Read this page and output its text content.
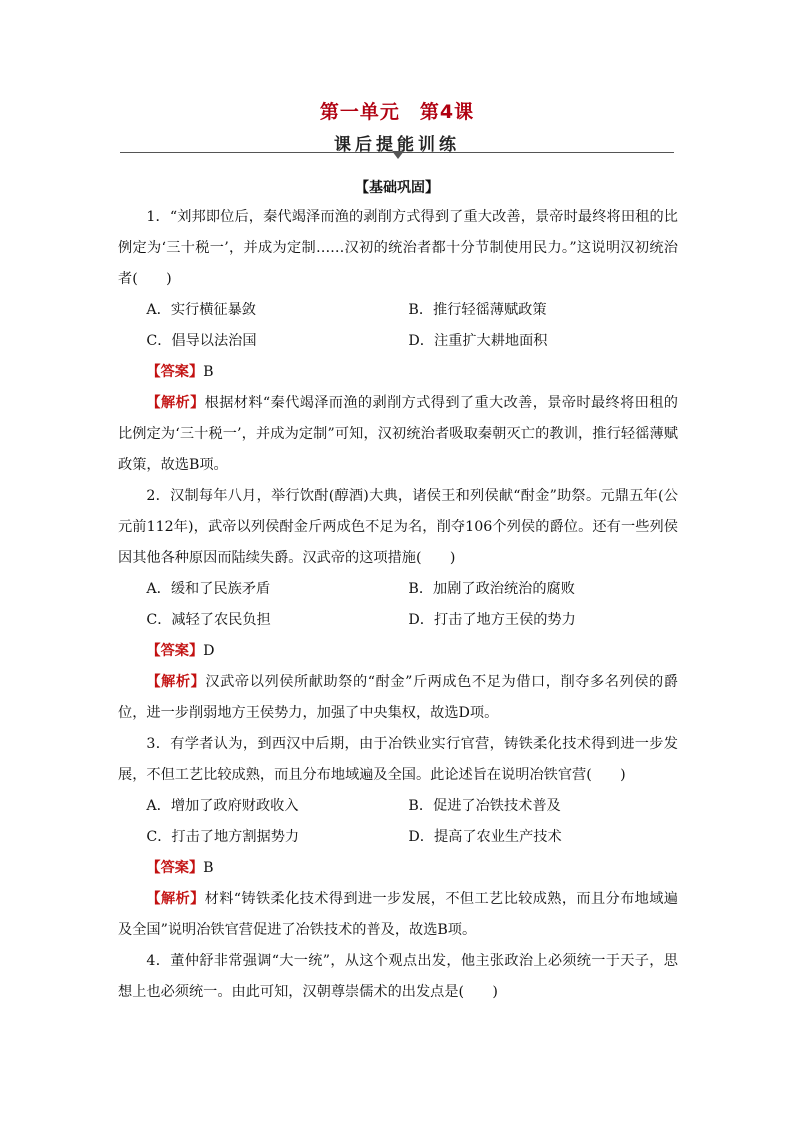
第一单元　第4课
课后提能训练
【基础巩固】

1．“刘邦即位后，秦代竭泽而渔的剥削方式得到了重大改善，景帝时最终将田租的比例定为‘三十税一’，并成为定制……汉初的统治者都十分节制使用民力。”这说明汉初统治者(　　)

A．实行横征暴敛	B．推行轻徭薄赋政策
C．倡导以法治国	D．注重扩大耕地面积

【答案】B

【解析】根据材料“秦代竭泽而渔的剥削方式得到了重大改善，景帝时最终将田租的比例定为‘三十税一’，并成为定制”可知，汉初统治者吸取秦朝灭亡的教训，推行轻徭薄赋政策，故选B项。

2．汉制每年八月，举行饮酎(醇酒)大典，诸侯王和列侯献“酎金”助祭。元鼎五年(公元前112年)，武帝以列侯酎金斤两成色不足为名，削夺106个列侯的爵位。还有一些列侯因其他各种原因而陆续失爵。汉武帝的这项措施(　　)

A．缓和了民族矛盾	B．加剧了政治统治的腐败
C．减轻了农民负担	D．打击了地方王侯的势力

【答案】D

【解析】汉武帝以列侯所献助祭的“酎金”斤两成色不足为借口，削夺多名列侯的爵位，进一步削弱地方王侯势力，加强了中央集权，故选D项。

3．有学者认为，到西汉中后期，由于冶铁业实行官营，铸铁柔化技术得到进一步发展，不但工艺比较成熟，而且分布地域遍及全国。此论述旨在说明冶铁官营(　　)

A．增加了政府财政收入	B．促进了冶铁技术普及
C．打击了地方割据势力	D．提高了农业生产技术

【答案】B

【解析】材料“铸铁柔化技术得到进一步发展，不但工艺比较成熟，而且分布地域遍及全国”说明冶铁官营促进了冶铁技术的普及，故选B项。

4．董仲舒非常强调“大一统”，从这个观点出发，他主张政治上必须统一于天子，思想上也必须统一。由此可知，汉朝尊崇儒术的出发点是(　　)
